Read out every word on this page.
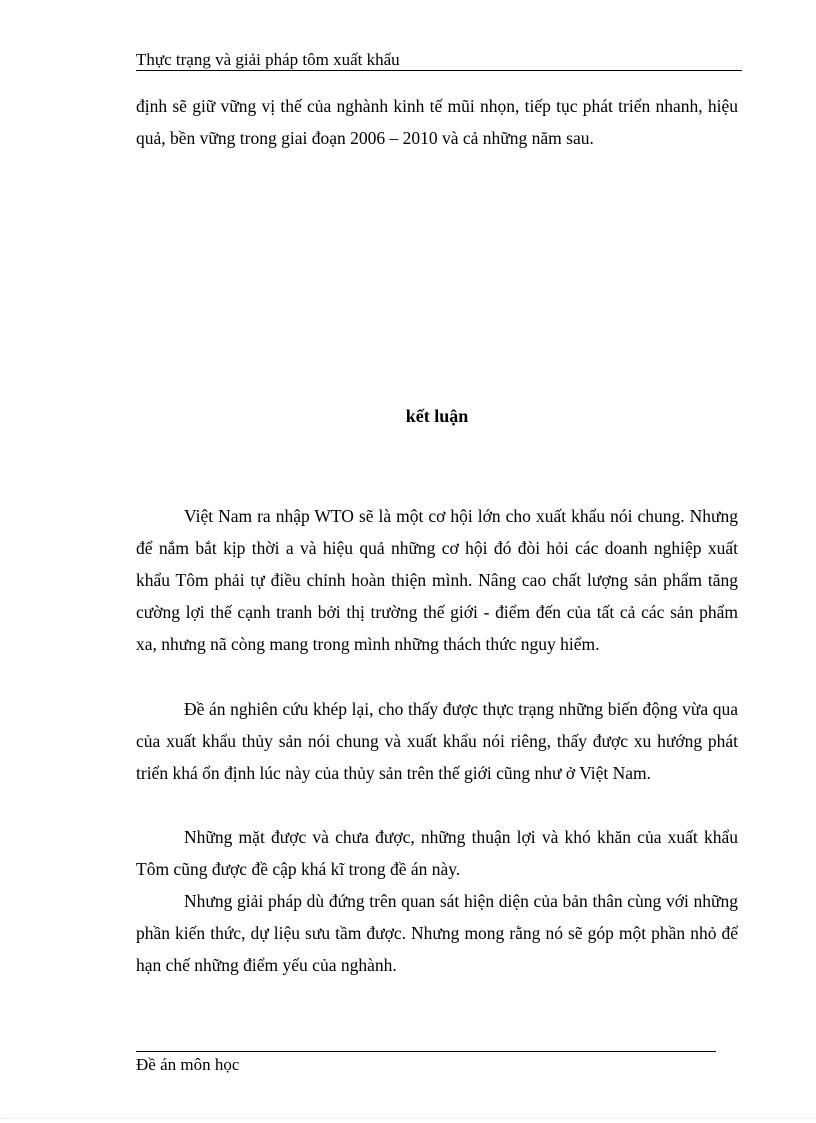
Thực trạng và giải pháp tôm xuất khẩu

định sẽ giữ vững vị thế của nghành kinh tế mũi nhọn, tiếp tục phát triển nhanh, hiệu quả, bền vững trong giai đoạn 2006 – 2010 và cả những năm sau.

kết luận

Việt Nam ra nhập WTO sẽ là một cơ hội lớn cho xuất khẩu nói chung. Nhưng để nắm bắt kịp thời a và hiệu quả những cơ hội đó đòi hỏi các doanh nghiệp xuất khẩu Tôm phải tự điều chỉnh hoàn thiện mình. Nâng cao chất lượng sản phẩm tăng cường lợi thế cạnh tranh bởi thị trường thế giới - điểm đến của tất cả các sản phẩm xa, nhưng nã còng mang trong mình những thách thức nguy hiểm.

Đề án nghiên cứu khép lại, cho thấy được thực trạng những biến động vừa qua của xuất khẩu thủy sản nói chung và xuất khẩu nói riêng, thấy được xu hướng phát triển khá ổn định lúc này của thủy sản trên thế giới cũng như ở Việt Nam.

Những mặt được và chưa được, những thuận lợi và khó khăn của xuất khẩu Tôm cũng được đề cập khá kĩ trong đề án này.

Nhưng giải pháp dù đứng trên quan sát hiện diện của bản thân cùng với những phần kiến thức, dự liệu sưu tầm được. Nhưng mong rằng nó sẽ góp một phần nhỏ để hạn chế những điểm yếu của nghành.

Đề án môn học
